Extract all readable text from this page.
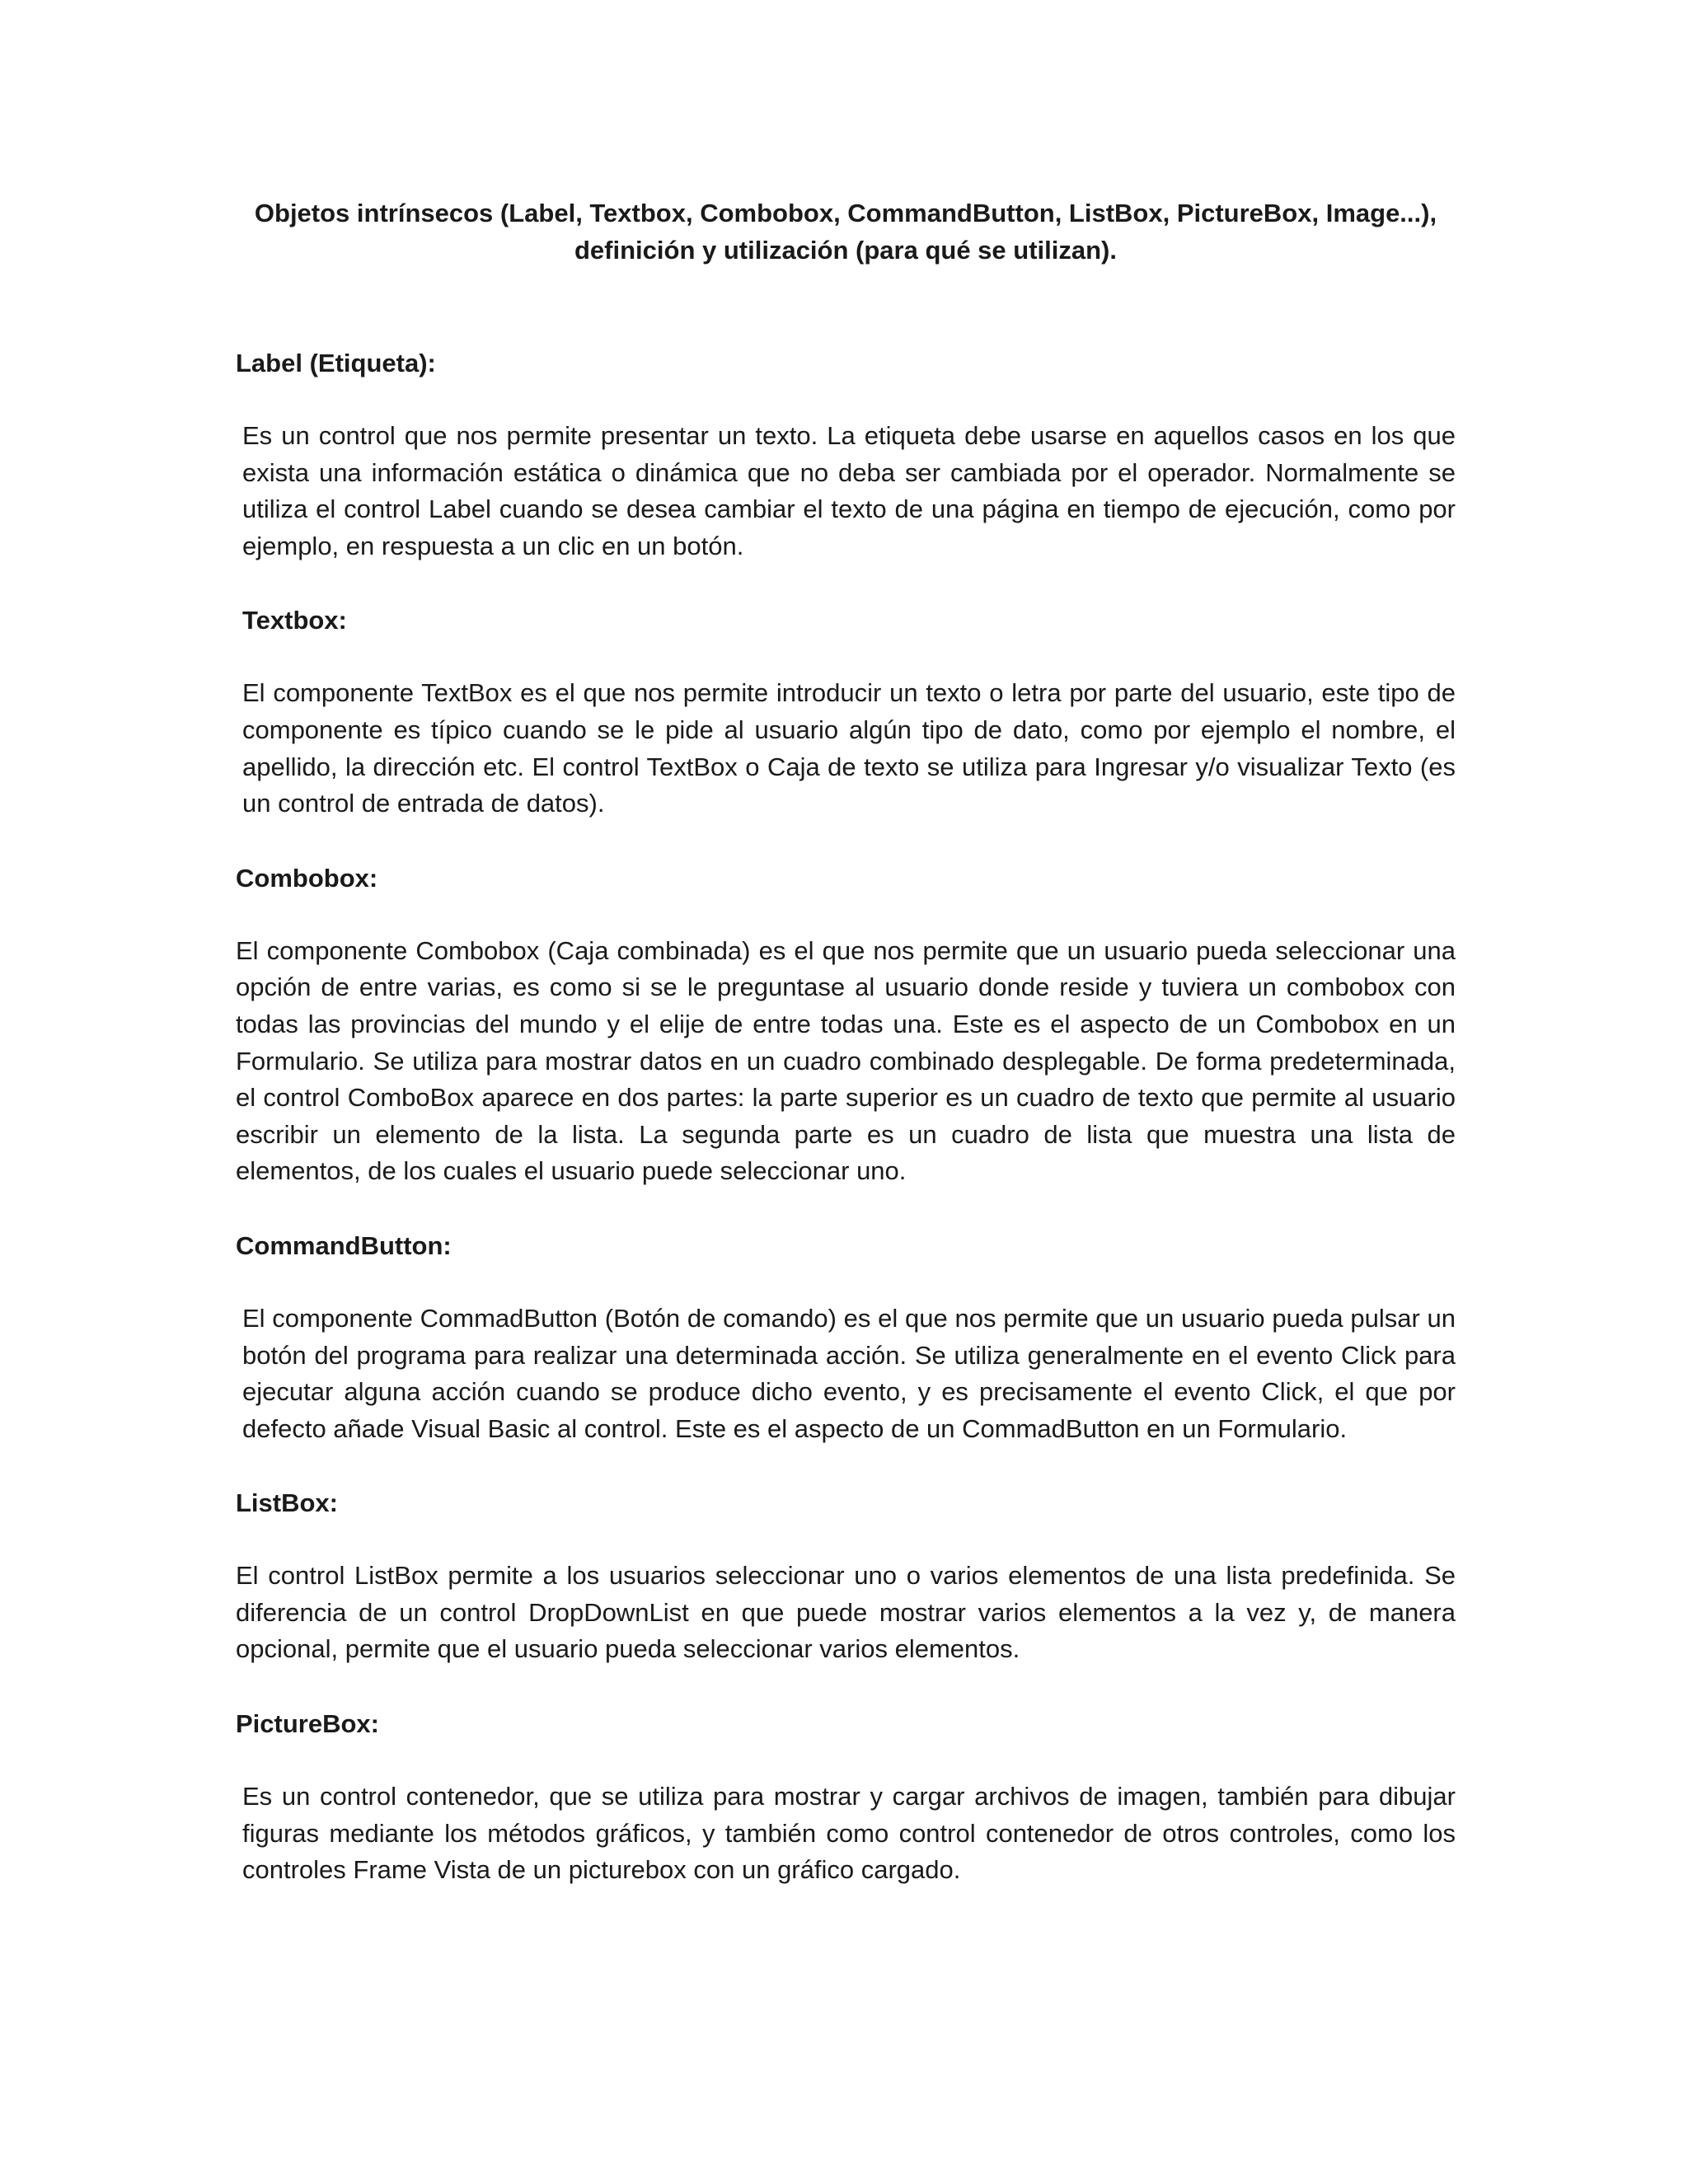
Objetos intrínsecos (Label, Textbox, Combobox, CommandButton, ListBox, PictureBox, Image...),
definición y utilización (para qué se utilizan).
Label (Etiqueta):
Es un control que nos permite presentar un texto. La etiqueta debe usarse en aquellos casos en los que exista una información estática o dinámica que no deba ser cambiada por el operador. Normalmente se utiliza el control Label cuando se desea cambiar el texto de una página en tiempo de ejecución, como por ejemplo, en respuesta a un clic en un botón.
Textbox:
El componente TextBox es el que nos permite introducir un texto o letra por parte del usuario, este tipo de componente es típico cuando se le pide al usuario algún tipo de dato, como por ejemplo el nombre, el apellido, la dirección etc. El control TextBox o Caja de texto se utiliza para Ingresar y/o visualizar Texto (es un control de entrada de datos).
Combobox:
El componente Combobox (Caja combinada) es el que nos permite que un usuario pueda seleccionar una opción de entre varias, es como si se le preguntase al usuario donde reside y tuviera un combobox con todas las provincias del mundo y el elije de entre todas una. Este es el aspecto de un Combobox en un Formulario. Se utiliza para mostrar datos en un cuadro combinado desplegable. De forma predeterminada, el control ComboBox aparece en dos partes: la parte superior es un cuadro de texto que permite al usuario escribir un elemento de la lista. La segunda parte es un cuadro de lista que muestra una lista de elementos, de los cuales el usuario puede seleccionar uno.
CommandButton:
El componente CommadButton (Botón de comando) es el que nos permite que un usuario pueda pulsar un botón del programa para realizar una determinada acción. Se utiliza generalmente en el evento Click para ejecutar alguna acción cuando se produce dicho evento, y es precisamente el evento Click, el que por defecto añade Visual Basic al control. Este es el aspecto de un CommadButton en un Formulario.
ListBox:
El control ListBox permite a los usuarios seleccionar uno o varios elementos de una lista predefinida. Se diferencia de un control DropDownList en que puede mostrar varios elementos a la vez y, de manera opcional, permite que el usuario pueda seleccionar varios elementos.
PictureBox:
Es un control contenedor, que se utiliza para mostrar y cargar archivos de imagen, también para dibujar figuras mediante los métodos gráficos, y también como control contenedor de otros controles, como los controles Frame Vista de un picturebox con un gráfico cargado.
